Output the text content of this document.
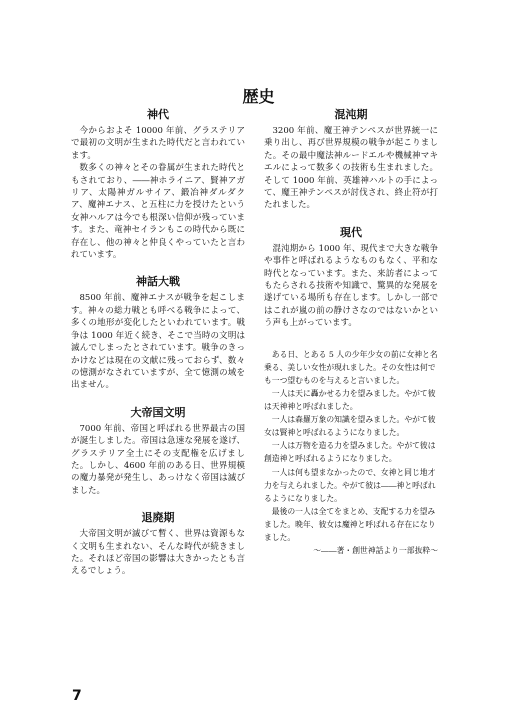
歴史
神代

今からおよそ 10000 年前、グラステリアで最初の文明が生まれた時代だと言われています。

数多くの神々とその眷属が生まれた時代ともされており、――神ホライニア、賢神アガリア、太陽神ガルサイア、鍛冶神ダルダクア、魔神エナス、と五柱に力を授けたという女神ハルアは今でも根深い信仰が残っています。また、竜神セイランもこの時代から既に存在し、他の神々と仲良くやっていたと言われています。

神話大戦

8500 年前、魔神エナスが戦争を起こします。神々の総力戦とも呼べる戦争によって、多くの地形が変化したといわれています。戦争は 1000 年近く続き、そこで当時の文明は滅んでしまったとされています。戦争のきっかけなどは現在の文献に残っておらず、数々の憶測がなされていますが、全て憶測の域を出ません。

大帝国文明

7000 年前、帝国と呼ばれる世界最古の国が誕生しました。帝国は急速な発展を遂げ、グラステリア全土にその支配権を広げました。しかし、4600 年前のある日、世界規模の魔力暴発が発生し、あっけなく帝国は滅びました。

退廃期

大帝国文明が滅びて暫く、世界は資源もなく文明も生まれない、そんな時代が続きました。それほど帝国の影響は大きかったとも言えるでしょう。

混沌期

3200 年前、魔王神テンペスが世界統一に乗り出し、再び世界規模の戦争が起こりました。その最中魔法神ルードエルや機械神マキエルによって数多くの技術も生まれました。そして 1000 年前、英雄神ハルトの手によって、魔王神テンペスが討伐され、終止符が打たれました。

現代

混沌期から 1000 年、現代まで大きな戦争や事件と呼ばれるようなものもなく、平和な時代となっています。また、来訪者によってもたらされる技術や知識で、驚異的な発展を遂げている場所も存在します。しかし一部ではこれが嵐の前の静けさなのではないかという声も上がっています。

ある日、とある 5 人の少年少女の前に女神と名乗る、美しい女性が現れました。その女性は何でも一つ望むものを与えると言いました。

一人は天に轟かせる力を望みました。やがて彼は天神神と呼ばれました。

一人は森羅万象の知識を望みました。やがて彼女は賢神と呼ばれるようになりました。

一人は万物を造る力を望みました。やがて彼は創造神と呼ばれるようになりました。

一人は何も望まなかったので、女神と同じ地才力を与えられました。やがて彼は――神と呼ばれるようになりました。

最後の一人は全てをまとめ、支配する力を望みました。晩年、彼女は魔神と呼ばれる存在になりました。

～――著・創世神話より一部抜粋～

7
